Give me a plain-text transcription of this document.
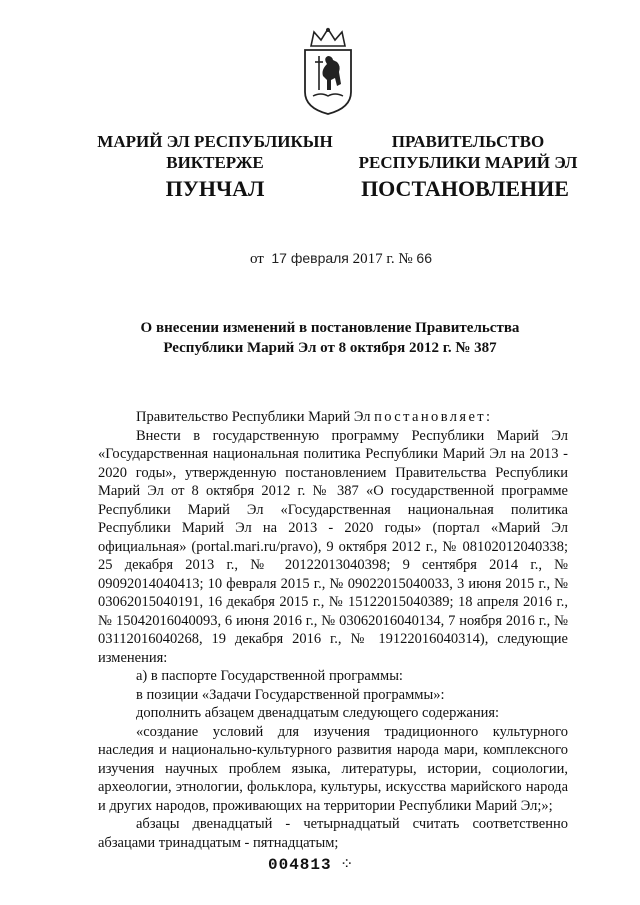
МАРИЙ ЭЛ РЕСПУБЛИКЫН
ВИКТЕРЖЕ
ПРАВИТЕЛЬСТВО
РЕСПУБЛИКИ МАРИЙ ЭЛ
ПУНЧАЛ	ПОСТАНОВЛЕНИЕ
от 17 февраля 2017 г. № 66
О внесении изменений в постановление Правительства
Республики Марий Эл от 8 октября 2012 г. № 387

Правительство Республики Марий Эл постановляет:

Внести в государственную программу Республики Марий Эл «Государственная национальная политика Республики Марий Эл на 2013 - 2020 годы», утвержденную постановлением Правительства Республики Марий Эл от 8 октября 2012 г. № 387 «О государственной программе Республики Марий Эл «Государственная национальная политика Республики Марий Эл на 2013 - 2020 годы» (портал «Марий Эл официальная» (portal.mari.ru/pravo), 9 октября 2012 г., № 08102012040338; 25 декабря 2013 г., № 20122013040398; 9 сентября 2014 г., № 09092014040413; 10 февраля 2015 г., № 09022015040033, 3 июня 2015 г., № 03062015040191, 16 декабря 2015 г., № 15122015040389; 18 апреля 2016 г., № 15042016040093, 6 июня 2016 г., № 03062016040134, 7 ноября 2016 г., № 03112016040268, 19 декабря 2016 г., № 19122016040314), следующие изменения:

а) в паспорте Государственной программы:

в позиции «Задачи Государственной программы»:

дополнить абзацем двенадцатым следующего содержания:

«создание условий для изучения традиционного культурного наследия и национально-культурного развития народа мари, комплексного изучения научных проблем языка, литературы, истории, социологии, археологии, этнологии, фольклора, культуры, искусства марийского народа и других народов, проживающих на территории Республики Марий Эл;»;

абзацы двенадцатый - четырнадцатый считать соответственно абзацами тринадцатым - пятнадцатым;

004813 ⁘
